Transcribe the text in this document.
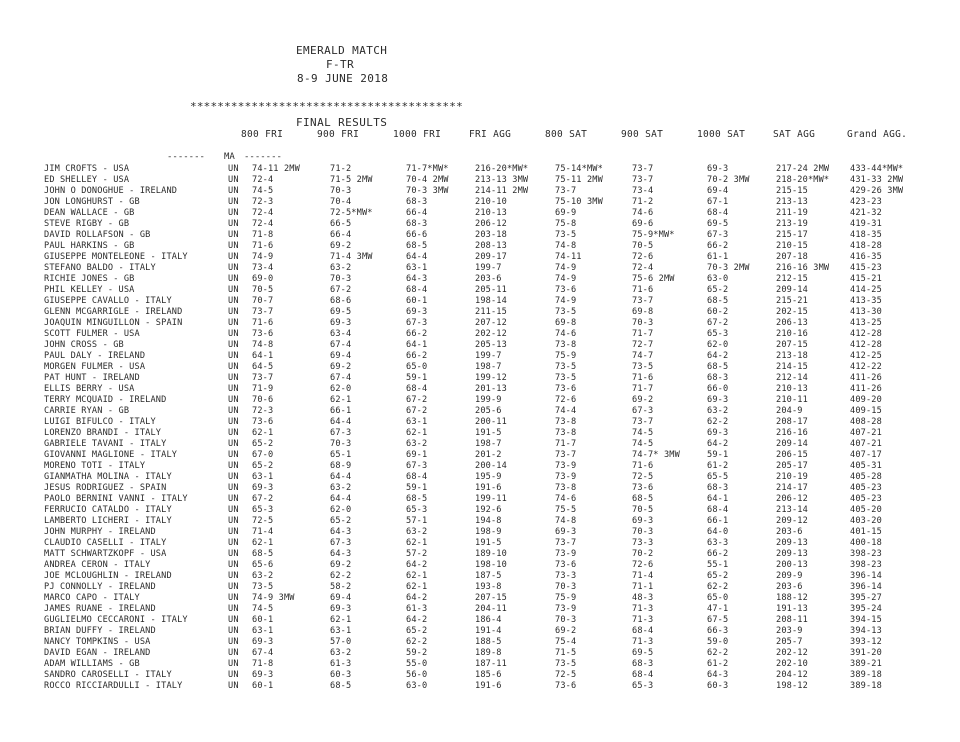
EMERALD MATCH
F-TR
8-9 JUNE 2018
****************************************
FINAL RESULTS
800 FRI	900 FRI	1000 FRI	FRI AGG	800 SAT	900 SAT	1000 SAT	SAT AGG	Grand AGG.
------- MA -------
JIM CROFTS - USA	UN 74-11 2MW	71-2	71-7*MW*	216-20*MW*	75-14*MW*	73-7	69-3	217-24 2MW 433-44*MW*
ED SHELLEY - USA	UN 72-4	71-5 2MW	70-4 2MW	213-13 3MW	75-11 2MW	73-7	70-2 3MW	218-20*MW* 431-33 2MW
JOHN O DONOGHUE - IRELAND	UN 74-5	70-3	70-3 3MW	214-11 2MW	73-7	73-4	69-4	215-15	429-26 3MW
JON LONGHURST - GB	UN 72-3	70-4	68-3	210-10	75-10 3MW	71-2	67-1	213-13	423-23
DEAN WALLACE - GB	UN 72-4	72-5*MW*	66-4	210-13	69-9	74-6	68-4	211-19	421-32
STEVE RIGBY - GB	UN 72-4	66-5	68-3	206-12	75-8	69-6	69-5	213-19	419-31
DAVID ROLLAFSON - GB	UN 71-8	66-4	66-6	203-18	73-5	75-9*MW*	67-3	215-17	418-35
PAUL HARKINS - GB	UN 71-6	69-2	68-5	208-13	74-8	70-5	66-2	210-15	418-28
GIUSEPPE MONTELEONE - ITALY	UN 74-9	71-4 3MW	64-4	209-17	74-11	72-6	61-1	207-18	416-35
STEFANO BALDO - ITALY	UN 73-4	63-2	63-1	199-7	74-9	72-4	70-3 2MW	216-16 3MW 415-23
RICHIE JONES - GB	UN 69-0	70-3	64-3	203-6	74-9	75-6 2MW	63-0	212-15	415-21
PHIL KELLEY - USA	UN 70-5	67-2	68-4	205-11	73-6	71-6	65-2	209-14	414-25
GIUSEPPE CAVALLO - ITALY	UN 70-7	68-6	60-1	198-14	74-9	73-7	68-5	215-21	413-35
GLENN MCGARRIGLE - IRELAND	UN 73-7	69-5	69-3	211-15	73-5	69-8	60-2	202-15	413-30
JOAQUIN MINGUILLON - SPAIN	UN 71-6	69-3	67-3	207-12	69-8	70-3	67-2	206-13	413-25
SCOTT FULMER - USA	UN 73-6	63-4	66-2	202-12	74-6	71-7	65-3	210-16	412-28
JOHN CROSS - GB	UN 74-8	67-4	64-1	205-13	73-8	72-7	62-0	207-15	412-28
PAUL DALY - IRELAND	UN 64-1	69-4	66-2	199-7	75-9	74-7	64-2	213-18	412-25
MORGEN FULMER - USA	UN 64-5	69-2	65-0	198-7	73-5	73-5	68-5	214-15	412-22
PAT HUNT - IRELAND	UN 73-7	67-4	59-1	199-12	73-5	71-6	68-3	212-14	411-26
ELLIS BERRY - USA	UN 71-9	62-0	68-4	201-13	73-6	71-7	66-0	210-13	411-26
TERRY MCQUAID - IRELAND	UN 70-6	62-1	67-2	199-9	72-6	69-2	69-3	210-11	409-20
CARRIE RYAN - GB	UN 72-3	66-1	67-2	205-6	74-4	67-3	63-2	204-9	409-15
LUIGI BIFULCO - ITALY	UN 73-6	64-4	63-1	200-11	73-8	73-7	62-2	208-17	408-28
LORENZO BRANDI - ITALY	UN 62-1	67-3	62-1	191-5	73-8	74-5	69-3	216-16	407-21
GABRIELE TAVANI - ITALY	UN 65-2	70-3	63-2	198-7	71-7	74-5	64-2	209-14	407-21
GIOVANNI MAGLIONE - ITALY	UN 67-0	65-1	69-1	201-2	73-7	74-7* 3MW	59-1	206-15	407-17
MORENO TOTI - ITALY	UN 65-2	68-9	67-3	200-14	73-9	71-6	61-2	205-17	405-31
GIANMATHA MOLINA - ITALY	UN 63-1	64-4	68-4	195-9	73-9	72-5	65-5	210-19	405-28
JESUS RODRIGUEZ - SPAIN	UN 69-3	63-2	59-1	191-6	73-8	73-6	68-3	214-17	405-23
PAOLO BERNINI VANNI - ITALY	UN 67-2	64-4	68-5	199-11	74-6	68-5	64-1	206-12	405-23
FERRUCIO CATALDO - ITALY	UN 65-3	62-0	65-3	192-6	75-5	70-5	68-4	213-14	405-20
LAMBERTO LICHERI - ITALY	UN 72-5	65-2	57-1	194-8	74-8	69-3	66-1	209-12	403-20
JOHN MURPHY - IRELAND	UN 71-4	64-3	63-2	198-9	69-3	70-3	64-0	203-6	401-15
CLAUDIO CASELLI - ITALY	UN 62-1	67-3	62-1	191-5	73-7	73-3	63-3	209-13	400-18
MATT SCHWARTZKOPF - USA	UN 68-5	64-3	57-2	189-10	73-9	70-2	66-2	209-13	398-23
ANDREA CERON - ITALY	UN 65-6	69-2	64-2	198-10	73-6	72-6	55-1	200-13	398-23
JOE MCLOUGHLIN - IRELAND	UN 63-2	62-2	62-1	187-5	73-3	71-4	65-2	209-9	396-14
PJ CONNOLLY - IRELAND	UN 73-5	58-2	62-1	193-8	70-3	71-1	62-2	203-6	396-14
MARCO CAPO - ITALY	UN 74-9 3MW	69-4	64-2	207-15	75-9	48-3	65-0	188-12	395-27
JAMES RUANE - IRELAND	UN 74-5	69-3	61-3	204-11	73-9	71-3	47-1	191-13	395-24
GUGLIELMO CECCARONI - ITALY	UN 60-1	62-1	64-2	186-4	70-3	71-3	67-5	208-11	394-15
BRIAN DUFFY - IRELAND	UN 63-1	63-1	65-2	191-4	69-2	68-4	66-3	203-9	394-13
NANCY TOMPKINS - USA	UN 69-3	57-0	62-2	188-5	75-4	71-3	59-0	205-7	393-12
DAVID EGAN - IRELAND	UN 67-4	63-2	59-2	189-8	71-5	69-5	62-2	202-12	391-20
ADAM WILLIAMS - GB	UN 71-8	61-3	55-0	187-11	73-5	68-3	61-2	202-10	389-21
SANDRO CAROSELLI - ITALY	UN 69-3	60-3	56-0	185-6	72-5	68-4	64-3	204-12	389-18
ROCCO RICCIARDULLI - ITALY	UN 60-1	68-5	63-0	191-6	73-6	65-3	60-3	198-12	389-18
